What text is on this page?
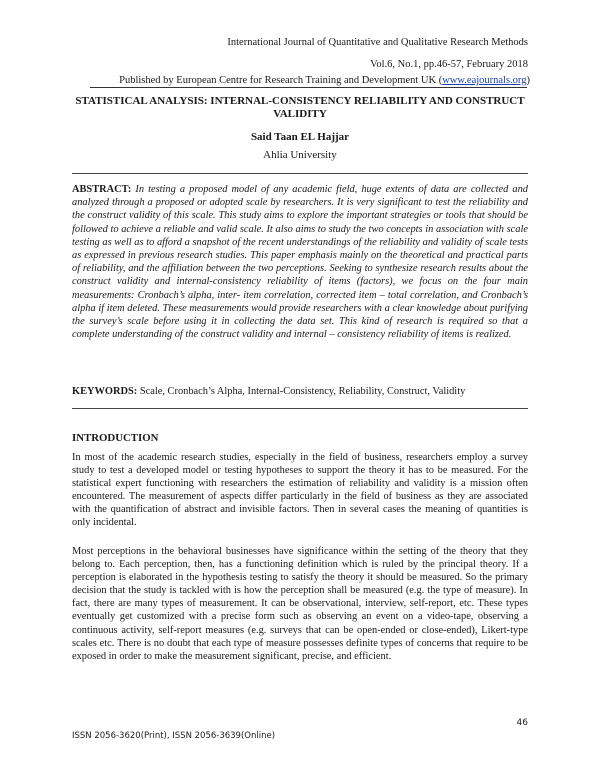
International Journal of Quantitative and Qualitative Research Methods
Vol.6, No.1, pp.46-57, February 2018
Published by European Centre for Research Training and Development UK (www.eajournals.org)
STATISTICAL ANALYSIS: INTERNAL-CONSISTENCY RELIABILITY AND CONSTRUCT VALIDITY
Said Taan EL Hajjar
Ahlia University
ABSTRACT: In testing a proposed model of any academic field, huge extents of data are collected and analyzed through a proposed or adopted scale by researchers. It is very significant to test the reliability and the construct validity of this scale. This study aims to explore the important strategies or tools that should be followed to achieve a reliable and valid scale. It also aims to study the two concepts in association with scale testing as well as to afford a snapshot of the recent understandings of the reliability and validity of scale tests as expressed in previous research studies. This paper emphasis mainly on the theoretical and practical parts of reliability, and the affiliation between the two perceptions. Seeking to synthesize research results about the construct validity and internal-consistency reliability of items (factors), we focus on the four main measurements: Cronbach’s alpha, inter- item correlation, corrected item – total correlation, and Cronbach’s alpha if item deleted. These measurements would provide researchers with a clear knowledge about purifying the survey’s scale before using it in collecting the data set. This kind of research is required so that a complete understanding of the construct validity and internal – consistency reliability of items is realized.
KEYWORDS: Scale, Cronbach’s Alpha, Internal-Consistency, Reliability, Construct, Validity
INTRODUCTION
In most of the academic research studies, especially in the field of business, researchers employ a survey study to test a developed model or testing hypotheses to support the theory it has to be measured. For the statistical expert functioning with researchers the estimation of reliability and validity is a mission often encountered. The measurement of aspects differ particularly in the field of business as they are associated with the quantification of abstract and invisible factors. Then in several cases the meaning of quantities is only incidental.
Most perceptions in the behavioral businesses have significance within the setting of the theory that they belong to. Each perception, then, has a functioning definition which is ruled by the principal theory. If a perception is elaborated in the hypothesis testing to satisfy the theory it should be measured. So the primary decision that the study is tackled with is how the perception shall be measured (e.g. the type of measure). In fact, there are many types of measurement. It can be observational, interview, self-report, etc. These types eventually get customized with a precise form such as observing an event on a video-tape, observing a continuous activity, self-report measures (e.g. surveys that can be open-ended or close-ended), Likert-type scales etc. There is no doubt that each type of measure possesses definite types of concerns that require to be exposed in order to make the measurement significant, precise, and efficient.
46
ISSN 2056-3620(Print), ISSN 2056-3639(Online)
